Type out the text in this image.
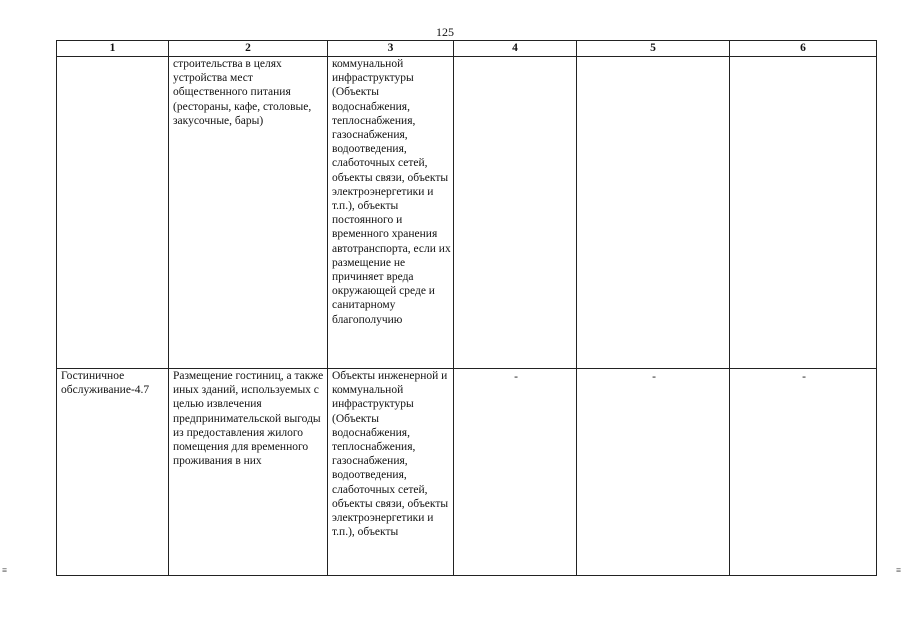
125
1	2	3	4	5	6
	строительства в целях устройства мест общественного питания (рестораны, кафе, столовые, закусочные, бары)	коммунальной инфраструктуры (Объекты водоснабжения, теплоснабжения, газоснабжения, водоотведения, слаботочных сетей, объекты связи, объекты электроэнергетики и т.п.), объекты постоянного и временного хранения автотранспорта, если их размещение не причиняет вреда окружающей среде и санитарному благополучию			
Гостиничное обслуживание-4.7	Размещение гостиниц, а также иных зданий, используемых с целью извлечения предпринимательской выгоды из предоставления жилого помещения для временного проживания в них	Объекты инженерной и коммунальной инфраструктуры (Объекты водоснабжения, теплоснабжения, газоснабжения, водоотведения, слаботочных сетей, объекты связи, объекты электроэнергетики и т.п.), объекты	-	-	-
≡	≡
